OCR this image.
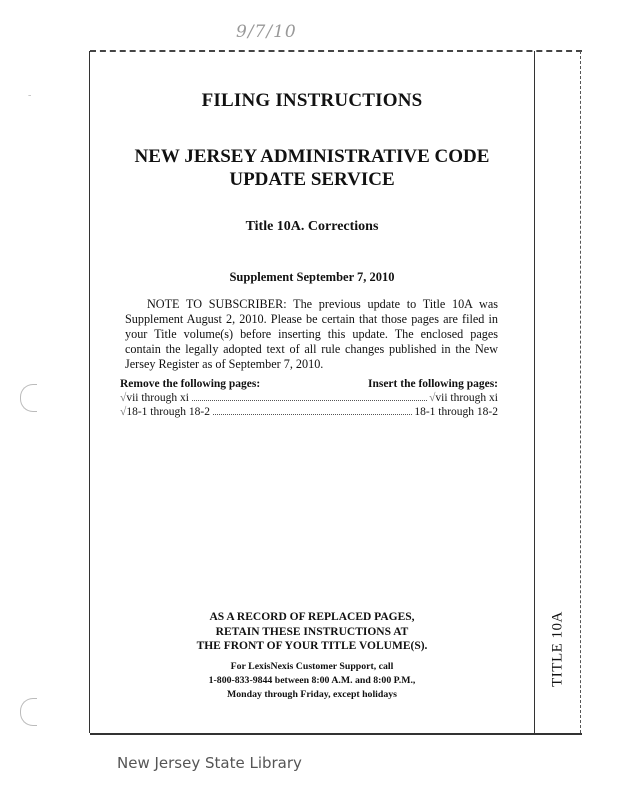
9/7/10
‐	FILING INSTRUCTIONS
NEW JERSEY ADMINISTRATIVE CODE
UPDATE SERVICE
Title 10A. Corrections
Supplement September 7, 2010

NOTE TO SUBSCRIBER: The previous update to Title 10A was Supplement August 2, 2010. Please be certain that those pages are filed in your Title volume(s) before inserting this update. The enclosed pages contain the legally adopted text of all rule changes published in the New Jersey Register as of September 7, 2010.

Remove the following pages:	Insert the following pages:
√ vii through xi	√ vii through xi
√ 18-1 through 18-2	18-1 through 18-2
AS A RECORD OF REPLACED PAGES,
RETAIN THESE INSTRUCTIONS AT
THE FRONT OF YOUR TITLE VOLUME(S).
For LexisNexis Customer Support, call
1-800-833-9844 between 8:00 A.M. and 8:00 P.M.,
Monday through Friday, except holidays
TITLE 10A
New Jersey State Library
